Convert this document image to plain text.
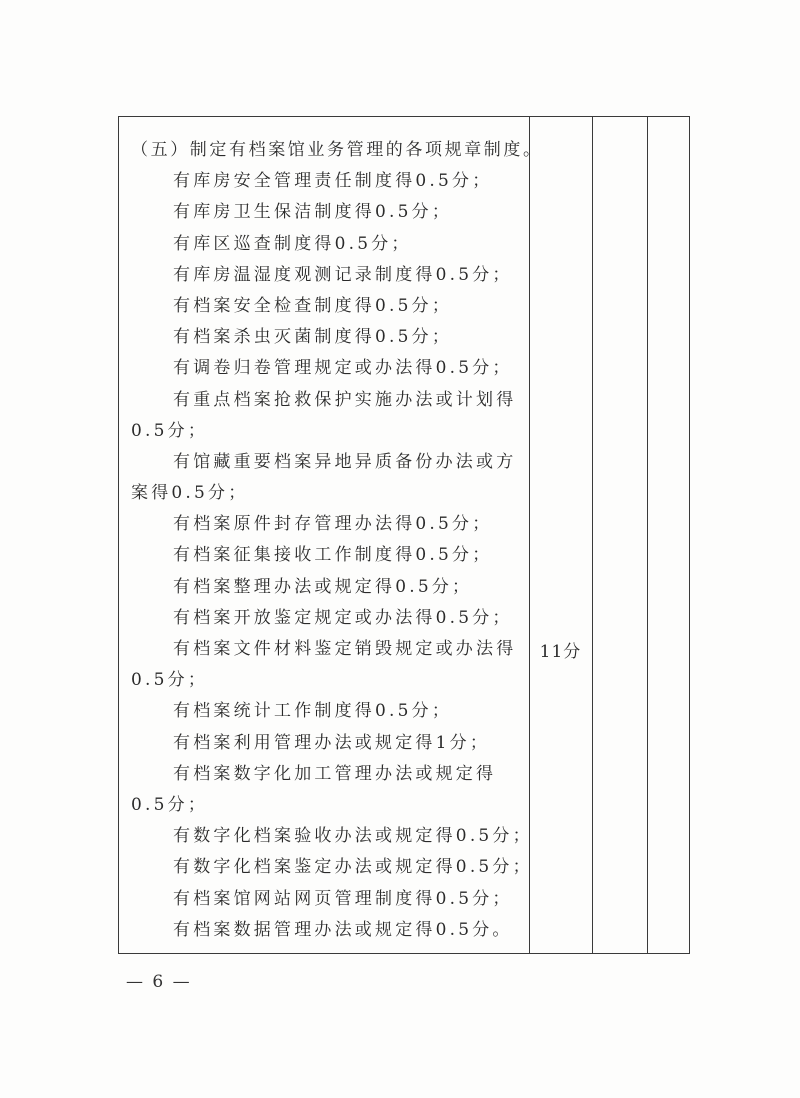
（五）制定有档案馆业务管理的各项规章制度。
有库房安全管理责任制度得0.5分；
有库房卫生保洁制度得0.5分；
有库区巡查制度得0.5分；
有库房温湿度观测记录制度得0.5分；
有档案安全检查制度得0.5分；
有档案杀虫灭菌制度得0.5分；
有调卷归卷管理规定或办法得0.5分；
有重点档案抢救保护实施办法或计划得
0.5分；
有馆藏重要档案异地异质备份办法或方
案得0.5分；
有档案原件封存管理办法得0.5分；
有档案征集接收工作制度得0.5分；
有档案整理办法或规定得0.5分；
有档案开放鉴定规定或办法得0.5分；
有档案文件材料鉴定销毁规定或办法得
0.5分；
有档案统计工作制度得0.5分；
有档案利用管理办法或规定得1分；
有档案数字化加工管理办法或规定得
0.5分；
有数字化档案验收办法或规定得0.5分；
有数字化档案鉴定办法或规定得0.5分；
有档案馆网站网页管理制度得0.5分；
有档案数据管理办法或规定得0.5分。
11分
— 6 —
